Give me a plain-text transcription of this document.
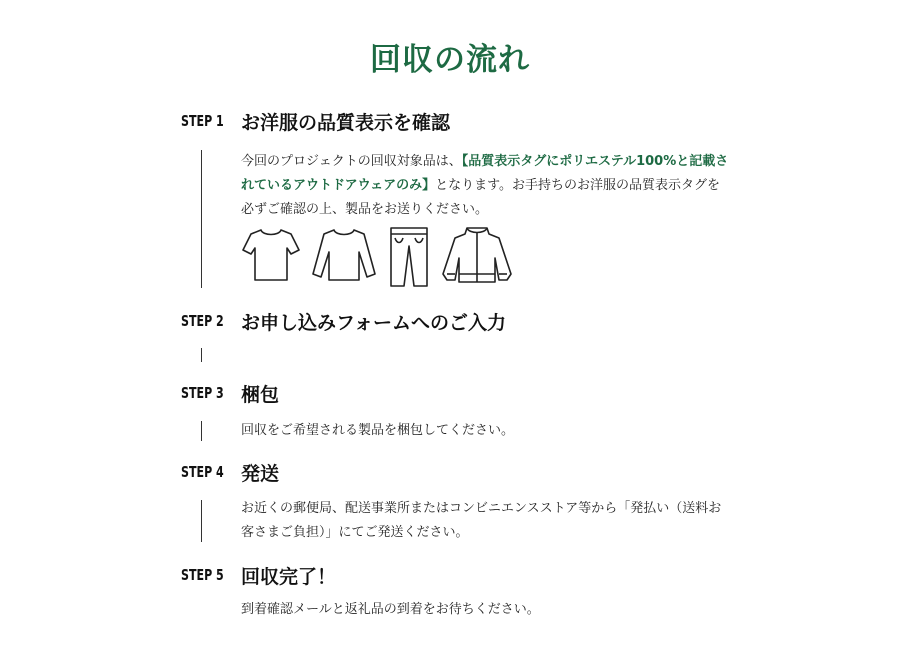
回収の流れ
STEP 1 お洋服の品質表示を確認
今回のプロジェクトの回収対象品は、【品質表示タグにポリエステル100%と記載されているアウトドアウェアのみ】となります。お手持ちのお洋服の品質表示タグを必ずご確認の上、製品をお送りください。
STEP 2 お申し込みフォームへのご入力
STEP 3 梱包
回収をご希望される製品を梱包してください。
STEP 4 発送
お近くの郵便局、配送事業所またはコンビニエンスストア等から「発払い（送料お客さまご負担）」にてご発送ください。
STEP 5 回収完了！
到着確認メールと返礼品の到着をお待ちください。
